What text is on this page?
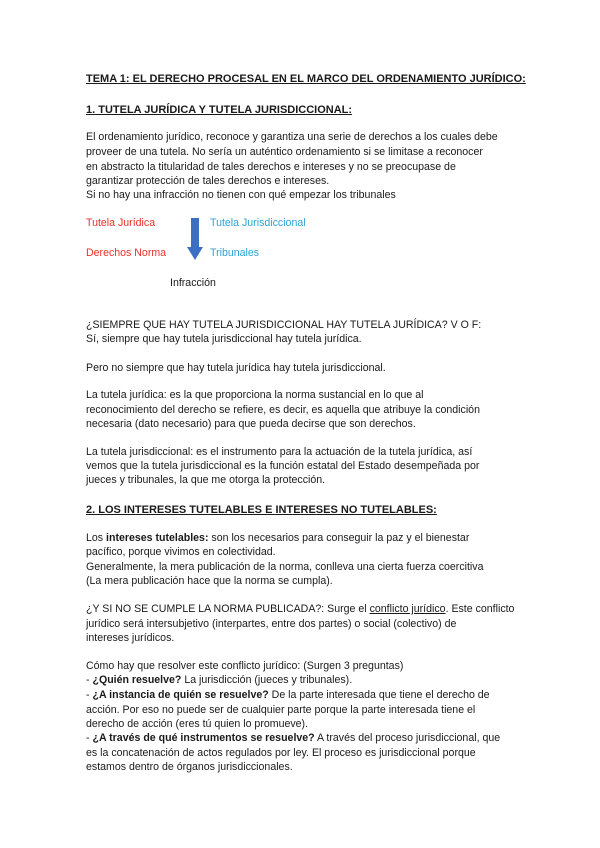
TEMA 1: EL DERECHO PROCESAL EN EL MARCO DEL ORDENAMIENTO JURÍDICO:
1. TUTELA JURÍDICA Y TUTELA JURISDICCIONAL:
El ordenamiento jurídico, reconoce y garantiza una serie de derechos a los cuales debe
proveer de una tutela. No sería un auténtico ordenamiento si se limitase a reconocer
en abstracto la titularidad de tales derechos e intereses y no se preocupase de
garantizar protección de tales derechos e intereses.
Si no hay una infracción no tienen con qué empezar los tribunales
Tutela Jurídica	Tutela Jurisdiccional
Derechos Norma	Tribunales
Infracción
¿SIEMPRE QUE HAY TUTELA JURISDICCIONAL HAY TUTELA JURÍDICA? V O F:
Sí, siempre que hay tutela jurisdiccional hay tutela jurídica.
Pero no siempre que hay tutela jurídica hay tutela jurisdiccional.
La tutela jurídica: es la que proporciona la norma sustancial en lo que al
reconocimiento del derecho se refiere, es decir, es aquella que atribuye la condición
necesaria (dato necesario) para que pueda decirse que son derechos.
La tutela jurisdiccional: es el instrumento para la actuación de la tutela jurídica, así
vemos que la tutela jurisdiccional es la función estatal del Estado desempeñada por
jueces y tribunales, la que me otorga la protección.
2. LOS INTERESES TUTELABLES E INTERESES NO TUTELABLES:
Los intereses tutelables: son los necesarios para conseguir la paz y el bienestar
pacífico, porque vivimos en colectividad.
Generalmente, la mera publicación de la norma, conlleva una cierta fuerza coercitiva
(La mera publicación hace que la norma se cumpla).
¿Y SI NO SE CUMPLE LA NORMA PUBLICADA?: Surge el conflicto jurídico. Este conflicto
jurídico será intersubjetivo (interpartes, entre dos partes) o social (colectivo) de
intereses jurídicos.
Cómo hay que resolver este conflicto jurídico: (Surgen 3 preguntas)
- ¿Quién resuelve? La jurisdicción (jueces y tribunales).
- ¿A instancia de quién se resuelve? De la parte interesada que tiene el derecho de
acción. Por eso no puede ser de cualquier parte porque la parte interesada tiene el
derecho de acción (eres tú quien lo promueve).
- ¿A través de qué instrumentos se resuelve? A través del proceso jurisdiccional, que
es la concatenación de actos regulados por ley. El proceso es jurisdiccional porque
estamos dentro de órganos jurisdiccionales.
